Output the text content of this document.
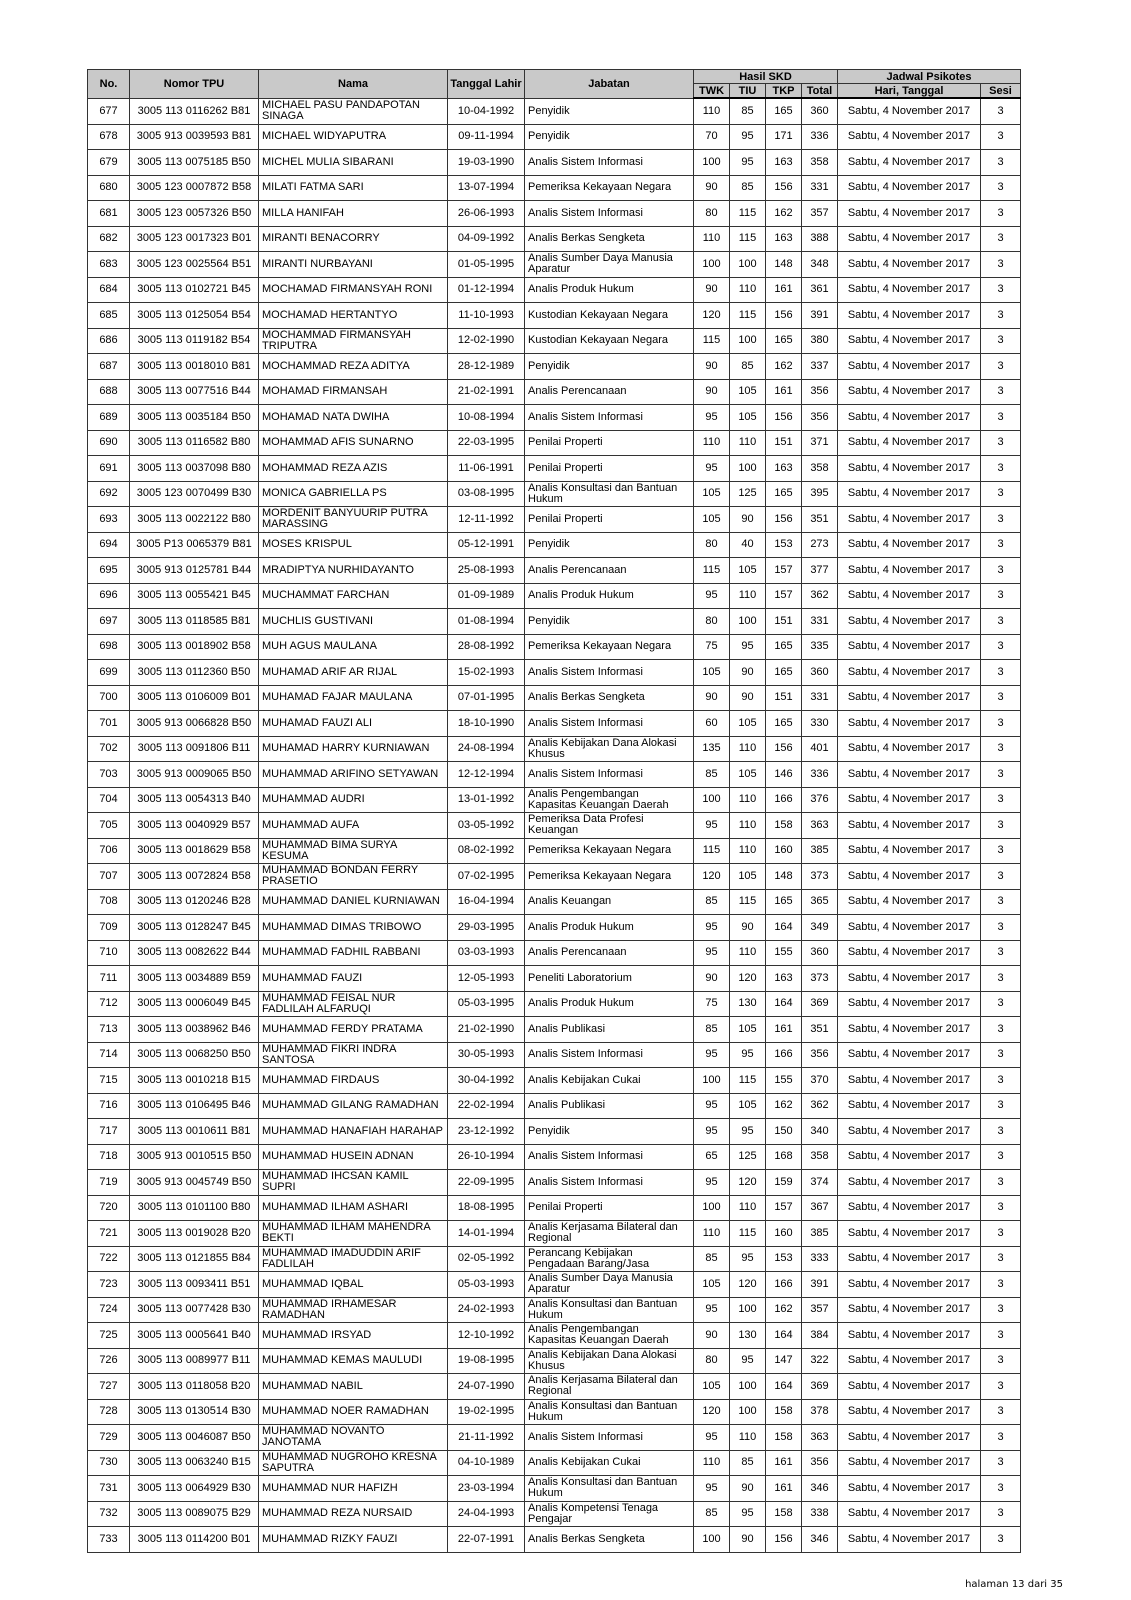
No.	Nomor TPU	Nama	Tanggal Lahir	Jabatan	Hasil SKD				Jadwal Psikotes	
					TWK	TIU	TKP	Total	Hari, Tanggal	Sesi
677	3005 113 0116262 B81	MICHAEL PASU PANDAPOTAN SINAGA	10-04-1992	Penyidik	110	85	165	360	Sabtu, 4 November 2017	3
678	3005 913 0039593 B81	MICHAEL WIDYAPUTRA	09-11-1994	Penyidik	70	95	171	336	Sabtu, 4 November 2017	3
679	3005 113 0075185 B50	MICHEL MULIA SIBARANI	19-03-1990	Analis Sistem Informasi	100	95	163	358	Sabtu, 4 November 2017	3
680	3005 123 0007872 B58	MILATI FATMA SARI	13-07-1994	Pemeriksa Kekayaan Negara	90	85	156	331	Sabtu, 4 November 2017	3
681	3005 123 0057326 B50	MILLA HANIFAH	26-06-1993	Analis Sistem Informasi	80	115	162	357	Sabtu, 4 November 2017	3
682	3005 123 0017323 B01	MIRANTI BENACORRY	04-09-1992	Analis Berkas Sengketa	110	115	163	388	Sabtu, 4 November 2017	3
683	3005 123 0025564 B51	MIRANTI NURBAYANI	01-05-1995	Analis Sumber Daya Manusia Aparatur	100	100	148	348	Sabtu, 4 November 2017	3
684	3005 113 0102721 B45	MOCHAMAD FIRMANSYAH RONI	01-12-1994	Analis Produk Hukum	90	110	161	361	Sabtu, 4 November 2017	3
685	3005 113 0125054 B54	MOCHAMAD HERTANTYO	11-10-1993	Kustodian Kekayaan Negara	120	115	156	391	Sabtu, 4 November 2017	3
686	3005 113 0119182 B54	MOCHAMMAD FIRMANSYAH TRIPUTRA	12-02-1990	Kustodian Kekayaan Negara	115	100	165	380	Sabtu, 4 November 2017	3
687	3005 113 0018010 B81	MOCHAMMAD REZA ADITYA	28-12-1989	Penyidik	90	85	162	337	Sabtu, 4 November 2017	3
688	3005 113 0077516 B44	MOHAMAD FIRMANSAH	21-02-1991	Analis Perencanaan	90	105	161	356	Sabtu, 4 November 2017	3
689	3005 113 0035184 B50	MOHAMAD NATA DWIHA	10-08-1994	Analis Sistem Informasi	95	105	156	356	Sabtu, 4 November 2017	3
690	3005 113 0116582 B80	MOHAMMAD AFIS SUNARNO	22-03-1995	Penilai Properti	110	110	151	371	Sabtu, 4 November 2017	3
691	3005 113 0037098 B80	MOHAMMAD REZA AZIS	11-06-1991	Penilai Properti	95	100	163	358	Sabtu, 4 November 2017	3
692	3005 123 0070499 B30	MONICA GABRIELLA PS	03-08-1995	Analis Konsultasi dan Bantuan Hukum	105	125	165	395	Sabtu, 4 November 2017	3
693	3005 113 0022122 B80	MORDENIT BANYUURIP PUTRA MARASSING	12-11-1992	Penilai Properti	105	90	156	351	Sabtu, 4 November 2017	3
694	3005 P13 0065379 B81	MOSES KRISPUL	05-12-1991	Penyidik	80	40	153	273	Sabtu, 4 November 2017	3
695	3005 913 0125781 B44	MRADIPTYA NURHIDAYANTO	25-08-1993	Analis Perencanaan	115	105	157	377	Sabtu, 4 November 2017	3
696	3005 113 0055421 B45	MUCHAMMAT FARCHAN	01-09-1989	Analis Produk Hukum	95	110	157	362	Sabtu, 4 November 2017	3
697	3005 113 0118585 B81	MUCHLIS GUSTIVANI	01-08-1994	Penyidik	80	100	151	331	Sabtu, 4 November 2017	3
698	3005 113 0018902 B58	MUH AGUS MAULANA	28-08-1992	Pemeriksa Kekayaan Negara	75	95	165	335	Sabtu, 4 November 2017	3
699	3005 113 0112360 B50	MUHAMAD ARIF AR RIJAL	15-02-1993	Analis Sistem Informasi	105	90	165	360	Sabtu, 4 November 2017	3
700	3005 113 0106009 B01	MUHAMAD FAJAR MAULANA	07-01-1995	Analis Berkas Sengketa	90	90	151	331	Sabtu, 4 November 2017	3
701	3005 913 0066828 B50	MUHAMAD FAUZI ALI	18-10-1990	Analis Sistem Informasi	60	105	165	330	Sabtu, 4 November 2017	3
702	3005 113 0091806 B11	MUHAMAD HARRY KURNIAWAN	24-08-1994	Analis Kebijakan Dana Alokasi Khusus	135	110	156	401	Sabtu, 4 November 2017	3
703	3005 913 0009065 B50	MUHAMMAD ARIFINO SETYAWAN	12-12-1994	Analis Sistem Informasi	85	105	146	336	Sabtu, 4 November 2017	3
704	3005 113 0054313 B40	MUHAMMAD AUDRI	13-01-1992	Analis Pengembangan Kapasitas Keuangan Daerah	100	110	166	376	Sabtu, 4 November 2017	3
705	3005 113 0040929 B57	MUHAMMAD AUFA	03-05-1992	Pemeriksa Data Profesi Keuangan	95	110	158	363	Sabtu, 4 November 2017	3
706	3005 113 0018629 B58	MUHAMMAD BIMA SURYA KESUMA	08-02-1992	Pemeriksa Kekayaan Negara	115	110	160	385	Sabtu, 4 November 2017	3
707	3005 113 0072824 B58	MUHAMMAD BONDAN FERRY PRASETIO	07-02-1995	Pemeriksa Kekayaan Negara	120	105	148	373	Sabtu, 4 November 2017	3
708	3005 113 0120246 B28	MUHAMMAD DANIEL KURNIAWAN	16-04-1994	Analis Keuangan	85	115	165	365	Sabtu, 4 November 2017	3
709	3005 113 0128247 B45	MUHAMMAD DIMAS TRIBOWO	29-03-1995	Analis Produk Hukum	95	90	164	349	Sabtu, 4 November 2017	3
710	3005 113 0082622 B44	MUHAMMAD FADHIL RABBANI	03-03-1993	Analis Perencanaan	95	110	155	360	Sabtu, 4 November 2017	3
711	3005 113 0034889 B59	MUHAMMAD FAUZI	12-05-1993	Peneliti Laboratorium	90	120	163	373	Sabtu, 4 November 2017	3
712	3005 113 0006049 B45	MUHAMMAD FEISAL NUR FADLILAH ALFARUQI	05-03-1995	Analis Produk Hukum	75	130	164	369	Sabtu, 4 November 2017	3
713	3005 113 0038962 B46	MUHAMMAD FERDY PRATAMA	21-02-1990	Analis Publikasi	85	105	161	351	Sabtu, 4 November 2017	3
714	3005 113 0068250 B50	MUHAMMAD FIKRI INDRA SANTOSA	30-05-1993	Analis Sistem Informasi	95	95	166	356	Sabtu, 4 November 2017	3
715	3005 113 0010218 B15	MUHAMMAD FIRDAUS	30-04-1992	Analis Kebijakan Cukai	100	115	155	370	Sabtu, 4 November 2017	3
716	3005 113 0106495 B46	MUHAMMAD GILANG RAMADHAN	22-02-1994	Analis Publikasi	95	105	162	362	Sabtu, 4 November 2017	3
717	3005 113 0010611 B81	MUHAMMAD HANAFIAH HARAHAP	23-12-1992	Penyidik	95	95	150	340	Sabtu, 4 November 2017	3
718	3005 913 0010515 B50	MUHAMMAD HUSEIN ADNAN	26-10-1994	Analis Sistem Informasi	65	125	168	358	Sabtu, 4 November 2017	3
719	3005 913 0045749 B50	MUHAMMAD IHCSAN KAMIL SUPRI	22-09-1995	Analis Sistem Informasi	95	120	159	374	Sabtu, 4 November 2017	3
720	3005 113 0101100 B80	MUHAMMAD ILHAM ASHARI	18-08-1995	Penilai Properti	100	110	157	367	Sabtu, 4 November 2017	3
721	3005 113 0019028 B20	MUHAMMAD ILHAM MAHENDRA BEKTI	14-01-1994	Analis Kerjasama Bilateral dan Regional	110	115	160	385	Sabtu, 4 November 2017	3
722	3005 113 0121855 B84	MUHAMMAD IMADUDDIN ARIF FADLILAH	02-05-1992	Perancang Kebijakan Pengadaan Barang/Jasa	85	95	153	333	Sabtu, 4 November 2017	3
723	3005 113 0093411 B51	MUHAMMAD IQBAL	05-03-1993	Analis Sumber Daya Manusia Aparatur	105	120	166	391	Sabtu, 4 November 2017	3
724	3005 113 0077428 B30	MUHAMMAD IRHAMESAR RAMADHAN	24-02-1993	Analis Konsultasi dan Bantuan Hukum	95	100	162	357	Sabtu, 4 November 2017	3
725	3005 113 0005641 B40	MUHAMMAD IRSYAD	12-10-1992	Analis Pengembangan Kapasitas Keuangan Daerah	90	130	164	384	Sabtu, 4 November 2017	3
726	3005 113 0089977 B11	MUHAMMAD KEMAS MAULUDI	19-08-1995	Analis Kebijakan Dana Alokasi Khusus	80	95	147	322	Sabtu, 4 November 2017	3
727	3005 113 0118058 B20	MUHAMMAD NABIL	24-07-1990	Analis Kerjasama Bilateral dan Regional	105	100	164	369	Sabtu, 4 November 2017	3
728	3005 113 0130514 B30	MUHAMMAD NOER RAMADHAN	19-02-1995	Analis Konsultasi dan Bantuan Hukum	120	100	158	378	Sabtu, 4 November 2017	3
729	3005 113 0046087 B50	MUHAMMAD NOVANTO JANOTAMA	21-11-1992	Analis Sistem Informasi	95	110	158	363	Sabtu, 4 November 2017	3
730	3005 113 0063240 B15	MUHAMMAD NUGROHO KRESNA SAPUTRA	04-10-1989	Analis Kebijakan Cukai	110	85	161	356	Sabtu, 4 November 2017	3
731	3005 113 0064929 B30	MUHAMMAD NUR HAFIZH	23-03-1994	Analis Konsultasi dan Bantuan Hukum	95	90	161	346	Sabtu, 4 November 2017	3
732	3005 113 0089075 B29	MUHAMMAD REZA NURSAID	24-04-1993	Analis Kompetensi Tenaga Pengajar	85	95	158	338	Sabtu, 4 November 2017	3
733	3005 113 0114200 B01	MUHAMMAD RIZKY FAUZI	22-07-1991	Analis Berkas Sengketa	100	90	156	346	Sabtu, 4 November 2017	3
halaman 13 dari 35
